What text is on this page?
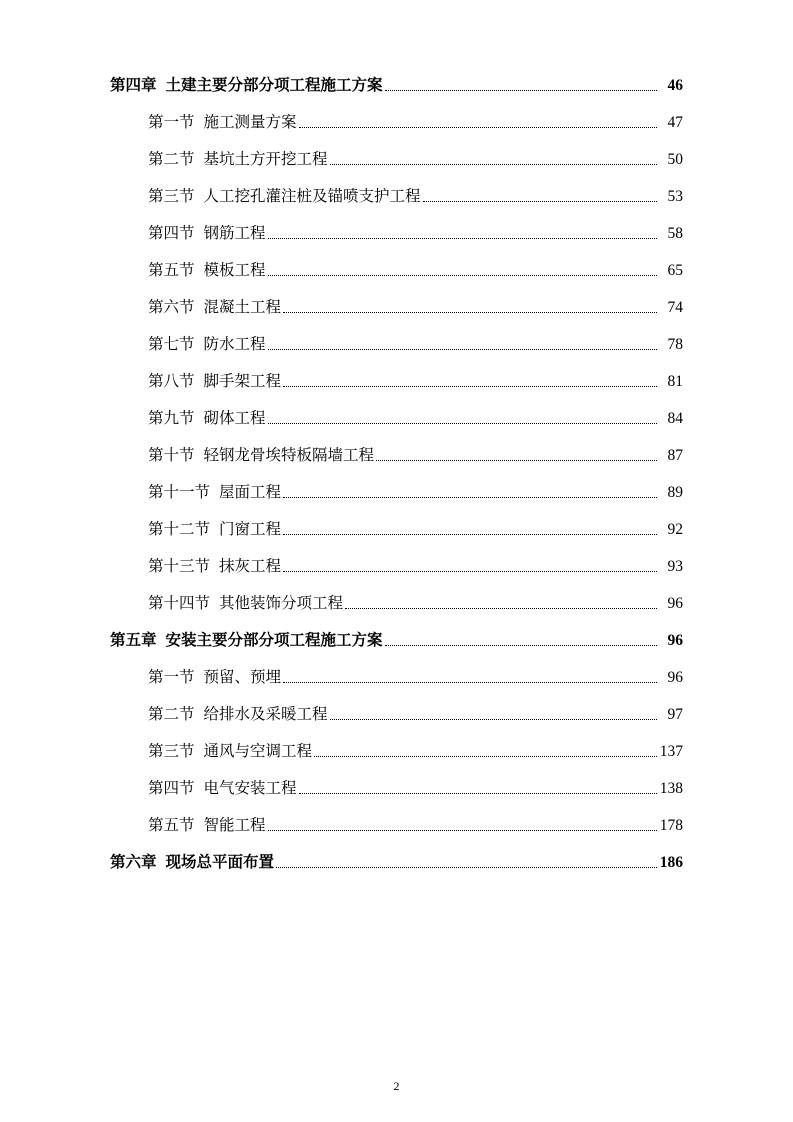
第四章 土建主要分部分项工程施工方案	46
第一节 施工测量方案	47
第二节 基坑土方开挖工程	50
第三节 人工挖孔灌注桩及锚喷支护工程	53
第四节 钢筋工程	58
第五节 模板工程	65
第六节 混凝土工程	74
第七节 防水工程	78
第八节 脚手架工程	81
第九节 砌体工程	84
第十节 轻钢龙骨埃特板隔墙工程	87
第十一节 屋面工程	89
第十二节 门窗工程	92
第十三节 抹灰工程	93
第十四节 其他装饰分项工程	96
第五章 安装主要分部分项工程施工方案	96
第一节 预留、预埋	96
第二节 给排水及采暖工程	97
第三节 通风与空调工程	137
第四节 电气安装工程	138
第五节 智能工程	178
第六章 现场总平面布置	186
2
